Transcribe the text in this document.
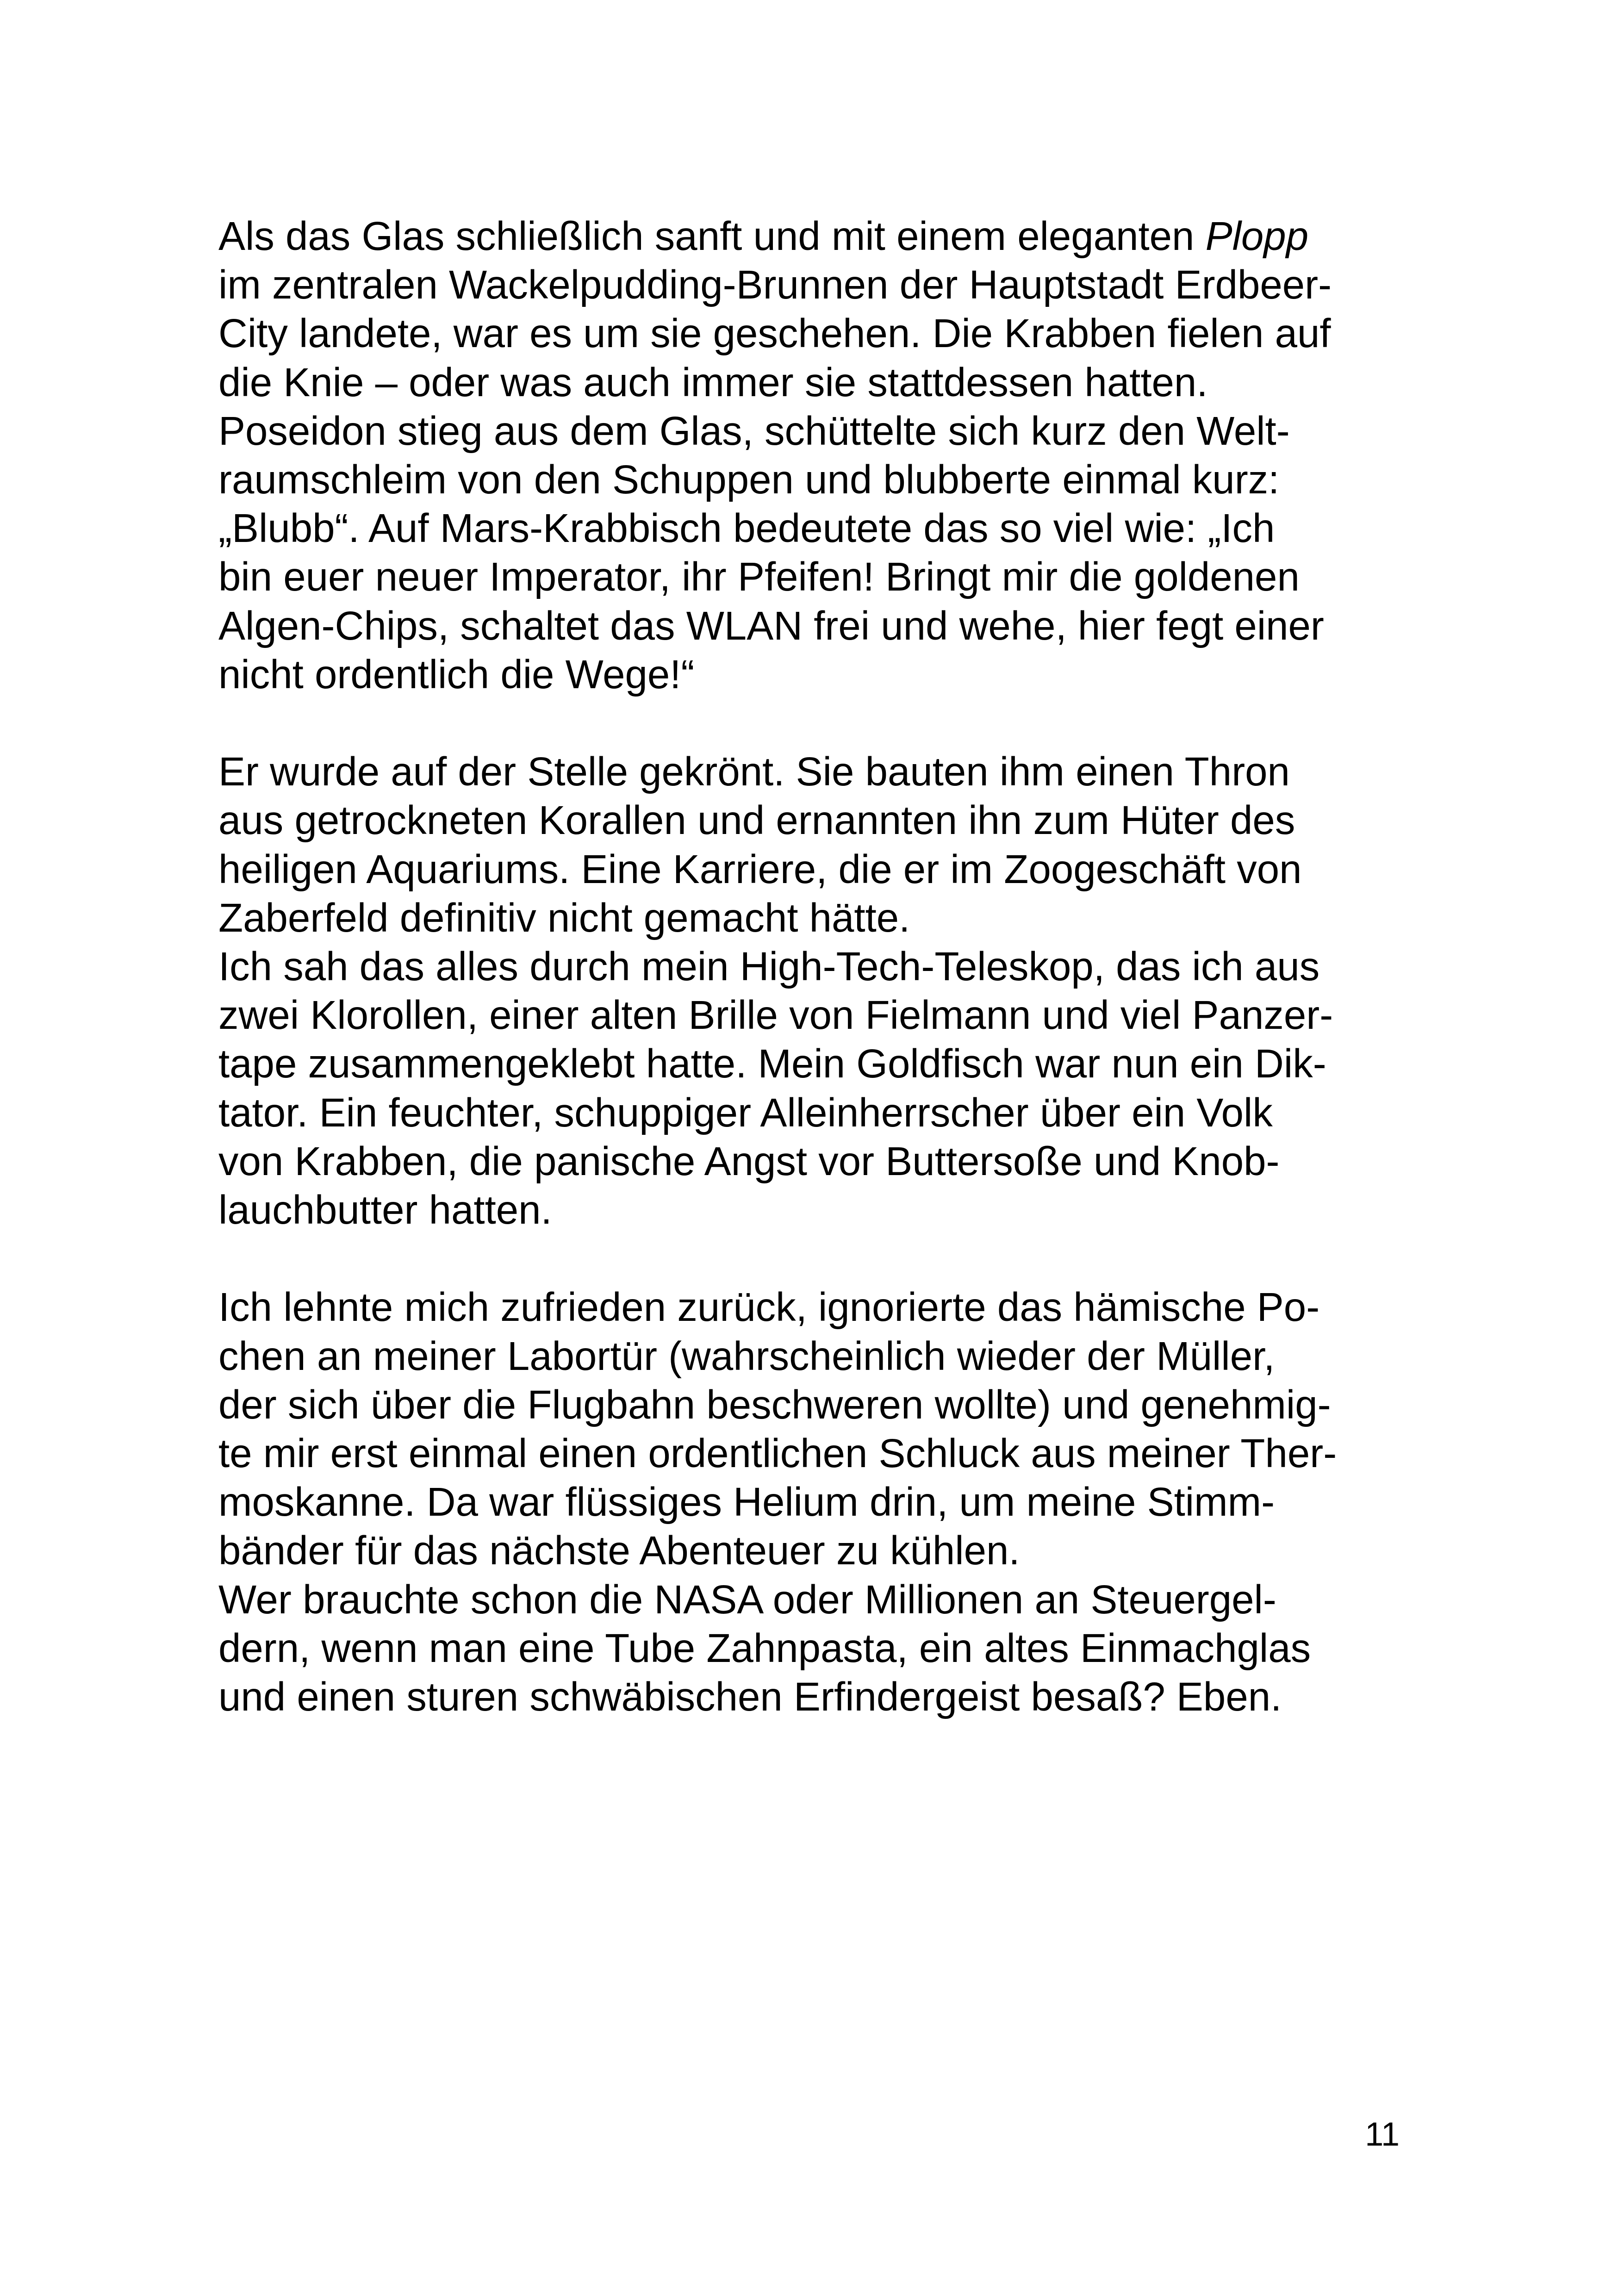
Als das Glas schließlich sanft und mit einem eleganten Plopp
im zentralen Wackelpudding-Brunnen der Hauptstadt Erdbeer-
City landete, war es um sie geschehen. Die Krabben fielen auf
die Knie – oder was auch immer sie stattdessen hatten.
Poseidon stieg aus dem Glas, schüttelte sich kurz den Welt-
raumschleim von den Schuppen und blubberte einmal kurz:
„Blubb“. Auf Mars-Krabbisch bedeutete das so viel wie: „Ich
bin euer neuer Imperator, ihr Pfeifen! Bringt mir die goldenen
Algen-Chips, schaltet das WLAN frei und wehe, hier fegt einer
nicht ordentlich die Wege!“

Er wurde auf der Stelle gekrönt. Sie bauten ihm einen Thron
aus getrockneten Korallen und ernannten ihn zum Hüter des
heiligen Aquariums. Eine Karriere, die er im Zoogeschäft von
Zaberfeld definitiv nicht gemacht hätte.

Ich sah das alles durch mein High-Tech-Teleskop, das ich aus
zwei Klorollen, einer alten Brille von Fielmann und viel Panzer-
tape zusammengeklebt hatte. Mein Goldfisch war nun ein Dik-
tator. Ein feuchter, schuppiger Alleinherrscher über ein Volk
von Krabben, die panische Angst vor Buttersoße und Knob-
lauchbutter hatten.

Ich lehnte mich zufrieden zurück, ignorierte das hämische Po-
chen an meiner Labortür (wahrscheinlich wieder der Müller,
der sich über die Flugbahn beschweren wollte) und genehmig-
te mir erst einmal einen ordentlichen Schluck aus meiner Ther-
moskanne. Da war flüssiges Helium drin, um meine Stimm-
bänder für das nächste Abenteuer zu kühlen.

Wer brauchte schon die NASA oder Millionen an Steuergel-
dern, wenn man eine Tube Zahnpasta, ein altes Einmachglas
und einen sturen schwäbischen Erfindergeist besaß? Eben.

11
